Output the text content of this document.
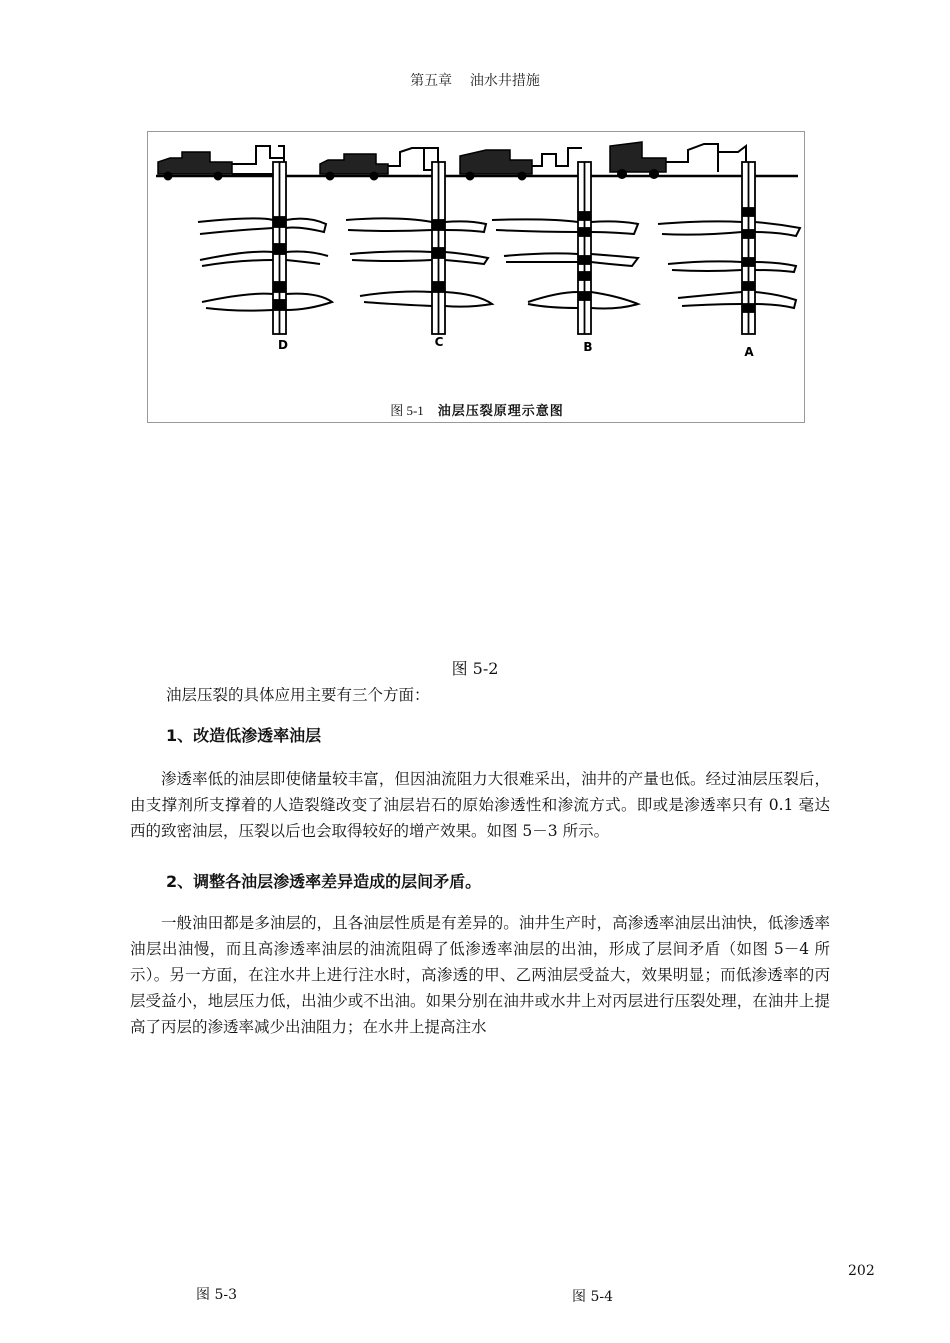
第五章 油水井措施
D	C	B	A
图 5-1 油层压裂原理示意图
图 5-2
油层压裂的具体应用主要有三个方面：
1、改造低渗透率油层
渗透率低的油层即使储量较丰富，但因油流阻力大很难采出，油井的产量也低。经过油层压裂后，由支撑剂所支撑着的人造裂缝改变了油层岩石的原始渗透性和渗流方式。即或是渗透率只有 0.1 毫达西的致密油层，压裂以后也会取得较好的增产效果。如图 5－3 所示。
2、调整各油层渗透率差异造成的层间矛盾。
一般油田都是多油层的，且各油层性质是有差异的。油井生产时，高渗透率油层出油快，低渗透率油层出油慢，而且高渗透率油层的油流阻碍了低渗透率油层的出油，形成了层间矛盾（如图 5－4 所示）。另一方面，在注水井上进行注水时，高渗透的甲、乙两油层受益大，效果明显；而低渗透率的丙层受益小，地层压力低，出油少或不出油。如果分别在油井或水井上对丙层进行压裂处理，在油井上提高了丙层的渗透率减少出油阻力；在水井上提高注水
202
图 5-3	图 5-4
